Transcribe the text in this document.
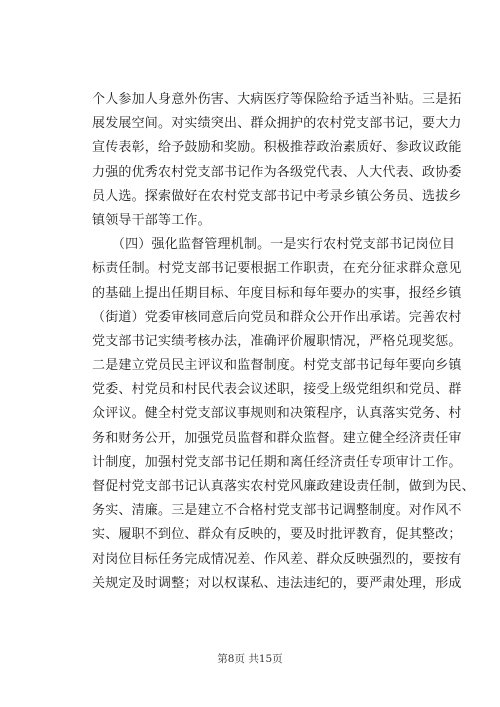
个人参加人身意外伤害、大病医疗等保险给予适当补贴。三是拓
展发展空间。对实绩突出、群众拥护的农村党支部书记，要大力
宣传表彰，给予鼓励和奖励。积极推荐政治素质好、参政议政能
力强的优秀农村党支部书记作为各级党代表、人大代表、政协委
员人选。探索做好在农村党支部书记中考录乡镇公务员、选拔乡
镇领导干部等工作。
　　（四）强化监督管理机制。一是实行农村党支部书记岗位目
标责任制。村党支部书记要根据工作职责，在充分征求群众意见
的基础上提出任期目标、年度目标和每年要办的实事，报经乡镇
（街道）党委审核同意后向党员和群众公开作出承诺。完善农村
党支部书记实绩考核办法，准确评价履职情况，严格兑现奖惩。
二是建立党员民主评议和监督制度。村党支部书记每年要向乡镇
党委、村党员和村民代表会议述职，接受上级党组织和党员、群
众评议。健全村党支部议事规则和决策程序，认真落实党务、村
务和财务公开，加强党员监督和群众监督。建立健全经济责任审
计制度，加强村党支部书记任期和离任经济责任专项审计工作。
督促村党支部书记认真落实农村党风廉政建设责任制，做到为民、
务实、清廉。三是建立不合格村党支部书记调整制度。对作风不
实、履职不到位、群众有反映的，要及时批评教育，促其整改；
对岗位目标任务完成情况差、作风差、群众反映强烈的，要按有
关规定及时调整；对以权谋私、违法违纪的，要严肃处理，形成
第8页 共15页
